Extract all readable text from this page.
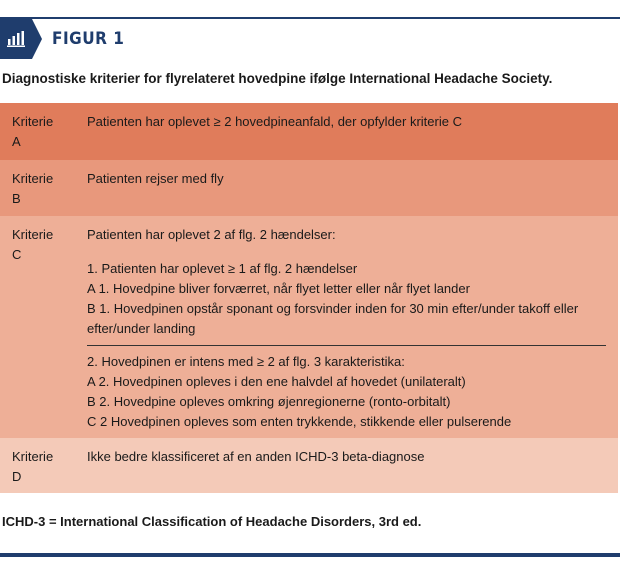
FIGUR 1
Diagnostiske kriterier for flyrelateret hovedpine ifølge International Headache Society.
Kriterie
A
Patienten har oplevet ≥ 2 hovedpineanfald, der opfylder kriterie C
Kriterie
B
Patienten rejser med fly
Kriterie
C
Patienten har oplevet 2 af flg. 2 hændelser:
1. Patienten har oplevet ≥ 1 af flg. 2 hændelser
A 1. Hovedpine bliver forværret, når flyet letter eller når flyet lander
B 1. Hovedpinen opstår sponant og forsvinder inden for 30 min efter/under takoff eller efter/under landing
2. Hovedpinen er intens med ≥ 2 af flg. 3 karakteristika:
A 2. Hovedpinen opleves i den ene halvdel af hovedet (unilateralt)
B 2. Hovedpine opleves omkring øjenregionerne (ronto-orbitalt)
C 2 Hovedpinen opleves som enten trykkende, stikkende eller pulserende
Kriterie
D
Ikke bedre klassificeret af en anden ICHD-3 beta-diagnose
ICHD-3 = International Classification of Headache Disorders, 3rd ed.
